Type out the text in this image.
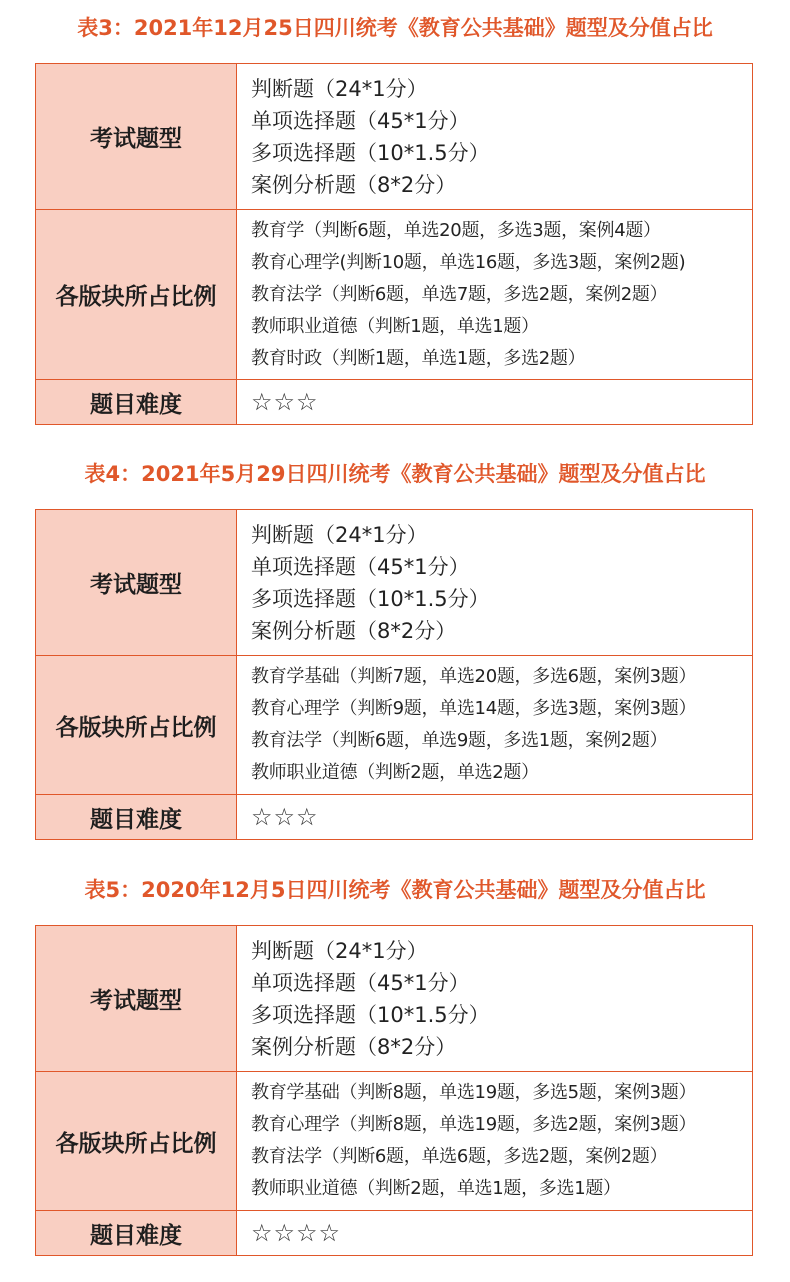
表3：2021年12月25日四川统考《教育公共基础》题型及分值占比
考试题型	判断题（24*1分）
单项选择题（45*1分）
多项选择题（10*1.5分）
案例分析题（8*2分）

各版块所占比例	教育学（判断6题，单选20题，多选3题，案例4题）
教育心理学(判断10题，单选16题，多选3题，案例2题)
教育法学（判断6题，单选7题，多选2题，案例2题）
教师职业道德（判断1题，单选1题）
教育时政（判断1题，单选1题，多选2题）

题目难度	☆☆☆
表4：2021年5月29日四川统考《教育公共基础》题型及分值占比
考试题型	判断题（24*1分）
单项选择题（45*1分）
多项选择题（10*1.5分）
案例分析题（8*2分）

各版块所占比例	教育学基础（判断7题，单选20题，多选6题，案例3题）
教育心理学（判断9题，单选14题，多选3题，案例3题）
教育法学（判断6题，单选9题，多选1题，案例2题）
教师职业道德（判断2题，单选2题）

题目难度	☆☆☆
表5：2020年12月5日四川统考《教育公共基础》题型及分值占比
考试题型	判断题（24*1分）
单项选择题（45*1分）
多项选择题（10*1.5分）
案例分析题（8*2分）

各版块所占比例	教育学基础（判断8题，单选19题，多选5题，案例3题）
教育心理学（判断8题，单选19题，多选2题，案例3题）
教育法学（判断6题，单选6题，多选2题，案例2题）
教师职业道德（判断2题，单选1题，多选1题）

题目难度	☆☆☆☆
